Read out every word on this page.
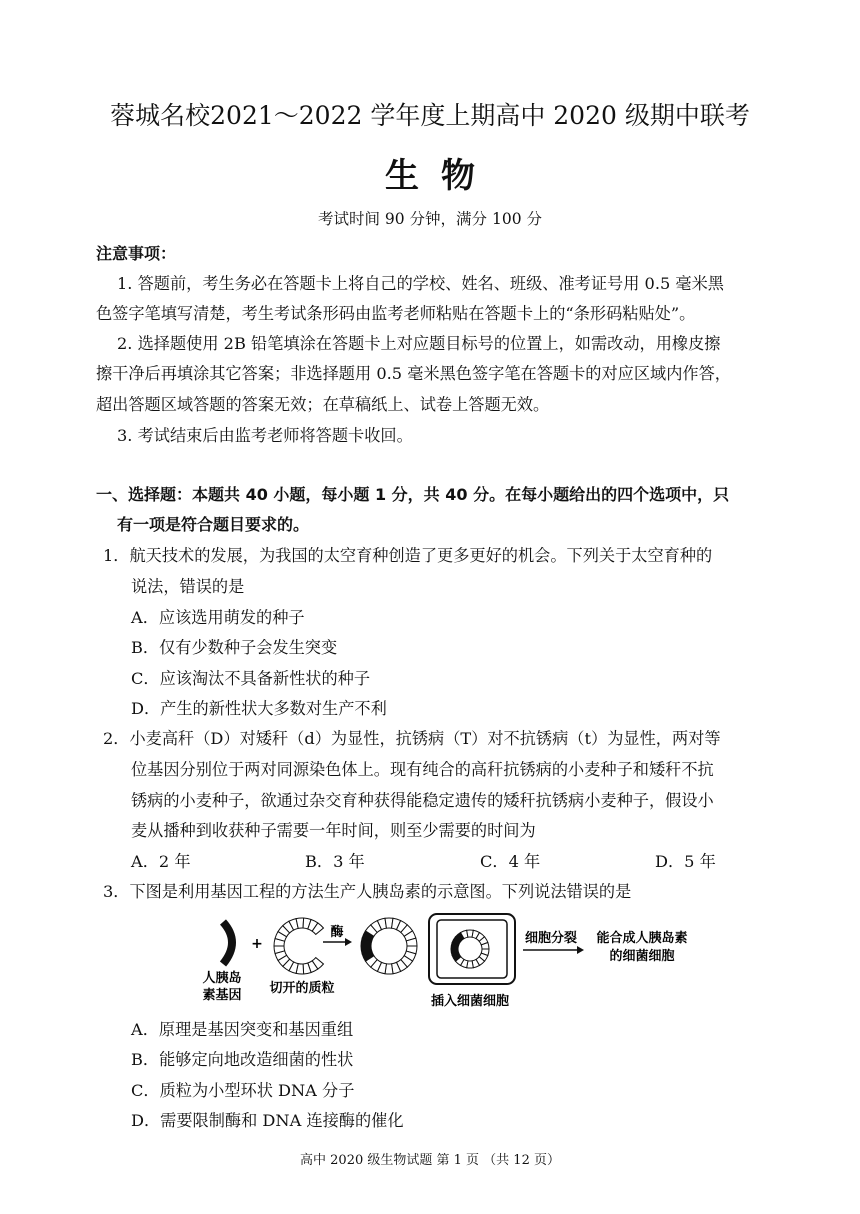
蓉城名校2021～2022 学年度上期高中 2020 级期中联考
生物
考试时间 90 分钟，满分 100 分
注意事项：
1. 答题前，考生务必在答题卡上将自己的学校、姓名、班级、准考证号用 0.5 毫米黑
色签字笔填写清楚，考生考试条形码由监考老师粘贴在答题卡上的“条形码粘贴处”。
2. 选择题使用 2B 铅笔填涂在答题卡上对应题目标号的位置上，如需改动，用橡皮擦
擦干净后再填涂其它答案；非选择题用 0.5 毫米黑色签字笔在答题卡的对应区域内作答，
超出答题区域答题的答案无效；在草稿纸上、试卷上答题无效。
3. 考试结束后由监考老师将答题卡收回。
一、选择题：本题共 40 小题，每小题 1 分，共 40 分。在每小题给出的四个选项中，只
有一项是符合题目要求的。
1．航天技术的发展，为我国的太空育种创造了更多更好的机会。下列关于太空育种的
说法，错误的是
A．应该选用萌发的种子
B．仅有少数种子会发生突变
C．应该淘汰不具备新性状的种子
D．产生的新性状大多数对生产不利
2．小麦高秆（D）对矮秆（d）为显性，抗锈病（T）对不抗锈病（t）为显性，两对等
位基因分别位于两对同源染色体上。现有纯合的高秆抗锈病的小麦种子和矮秆不抗
锈病的小麦种子，欲通过杂交育种获得能稳定遗传的矮秆抗锈病小麦种子，假设小
麦从播种到收获种子需要一年时间，则至少需要的时间为
A．2 年	B．3 年	C．4 年	D．5 年
3．下图是利用基因工程的方法生产人胰岛素的示意图。下列说法错误的是
人胰岛
素基因
+
切开的质粒
酶
插入细菌细胞
细胞分裂 能合成人胰岛素
的细菌细胞
A．原理是基因突变和基因重组
B．能够定向地改造细菌的性状
C．质粒为小型环状 DNA 分子
D．需要限制酶和 DNA 连接酶的催化
高中 2020 级生物试题 第 1 页 （共 12 页）
